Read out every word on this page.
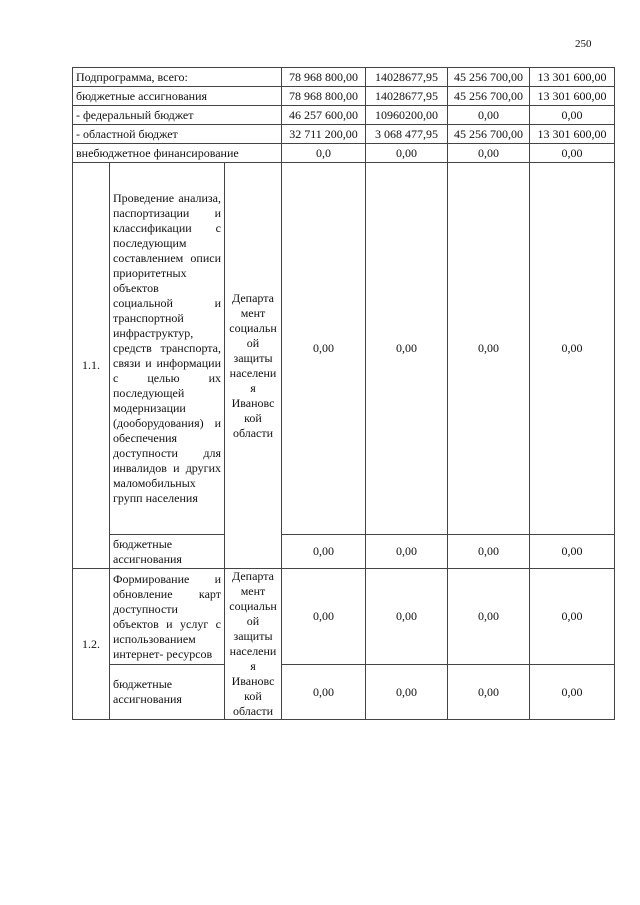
250
Подпрограмма, всего:			78 968 800,00	14028677,95	45 256 700,00	13 301 600,00
бюджетные ассигнования			78 968 800,00	14028677,95	45 256 700,00	13 301 600,00
- федеральный бюджет			46 257 600,00	10960200,00	0,00	0,00
- областной бюджет			32 711 200,00	3 068 477,95	45 256 700,00	13 301 600,00
внебюджетное финансирование			0,0	0,00	0,00	0,00
1.1.	Проведение анализа, паспортизации и классификации с последующим составлением описи приоритетных объектов социальной и транспортной инфраструктур, средств транспорта, связи и информации с целью их последующей модернизации (дооборудования) и обеспечения доступности для инвалидов и других маломобильных групп населения	Департа мент социальн ой защиты населени я Ивановс кой области	0,00	0,00	0,00	0,00
	бюджетные ассигнования		0,00	0,00	0,00	0,00
1.2.	Формирование и обновление карт доступности объектов и услуг с использованием интернет- ресурсов	Департа мент социальн ой защиты населени я Ивановс кой области	0,00	0,00	0,00	0,00
	бюджетные ассигнования		0,00	0,00	0,00	0,00
